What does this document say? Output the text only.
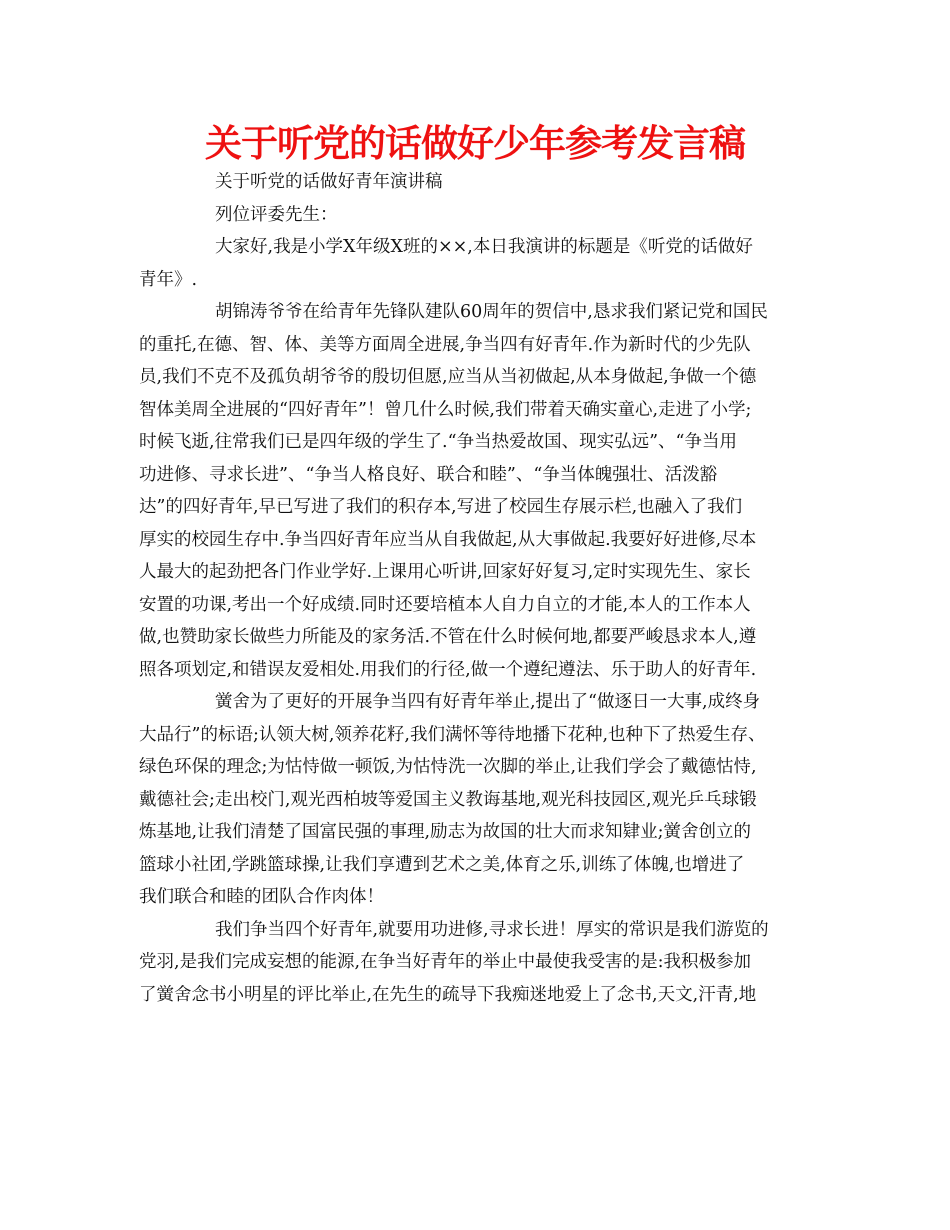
关于听党的话做好少年参考发言稿
关于听党的话做好青年演讲稿
列位评委先生：
大家好,我是小学X年级X班的××,本日我演讲的标题是《听党的话做好
青年》.
胡锦涛爷爷在给青年先锋队建队60周年的贺信中,恳求我们紧记党和国民
的重托,在德、智、体、美等方面周全进展,争当四有好青年.作为新时代的少先队
员,我们不克不及孤负胡爷爷的殷切但愿,应当从当初做起,从本身做起,争做一个德
智体美周全进展的“四好青年”！曾几什么时候,我们带着天确实童心,走进了小学;
时候飞逝,往常我们已是四年级的学生了.“争当热爱故国、现实弘远”、“争当用
功进修、寻求长进”、“争当人格良好、联合和睦”、“争当体魄强壮、活泼豁
达”的四好青年,早已写进了我们的积存本,写进了校园生存展示栏,也融入了我们
厚实的校园生存中.争当四好青年应当从自我做起,从大事做起.我要好好进修,尽本
人最大的起劲把各门作业学好.上课用心听讲,回家好好复习,定时实现先生、家长
安置的功课,考出一个好成绩.同时还要培植本人自力自立的才能,本人的工作本人
做,也赞助家长做些力所能及的家务活.不管在什么时候何地,都要严峻恳求本人,遵
照各项划定,和错误友爱相处.用我们的行径,做一个遵纪遵法、乐于助人的好青年.
黉舍为了更好的开展争当四有好青年举止,提出了“做逐日一大事,成终身
大品行”的标语;认领大树,领养花籽,我们满怀等待地播下花种,也种下了热爱生存、
绿色环保的理念;为怙恃做一顿饭,为怙恃洗一次脚的举止,让我们学会了戴德怙恃,
戴德社会;走出校门,观光西柏坡等爱国主义教诲基地,观光科技园区,观光乒乓球锻
炼基地,让我们清楚了国富民强的事理,励志为故国的壮大而求知肄业;黉舍创立的
篮球小社团,学跳篮球操,让我们享遭到艺术之美,体育之乐,训练了体魄,也增进了
我们联合和睦的团队合作肉体！
我们争当四个好青年,就要用功进修,寻求长进！厚实的常识是我们游览的
党羽,是我们完成妄想的能源,在争当好青年的举止中最使我受害的是:我积极参加
了黉舍念书小明星的评比举止,在先生的疏导下我痴迷地爱上了念书,天文,汗青,地
